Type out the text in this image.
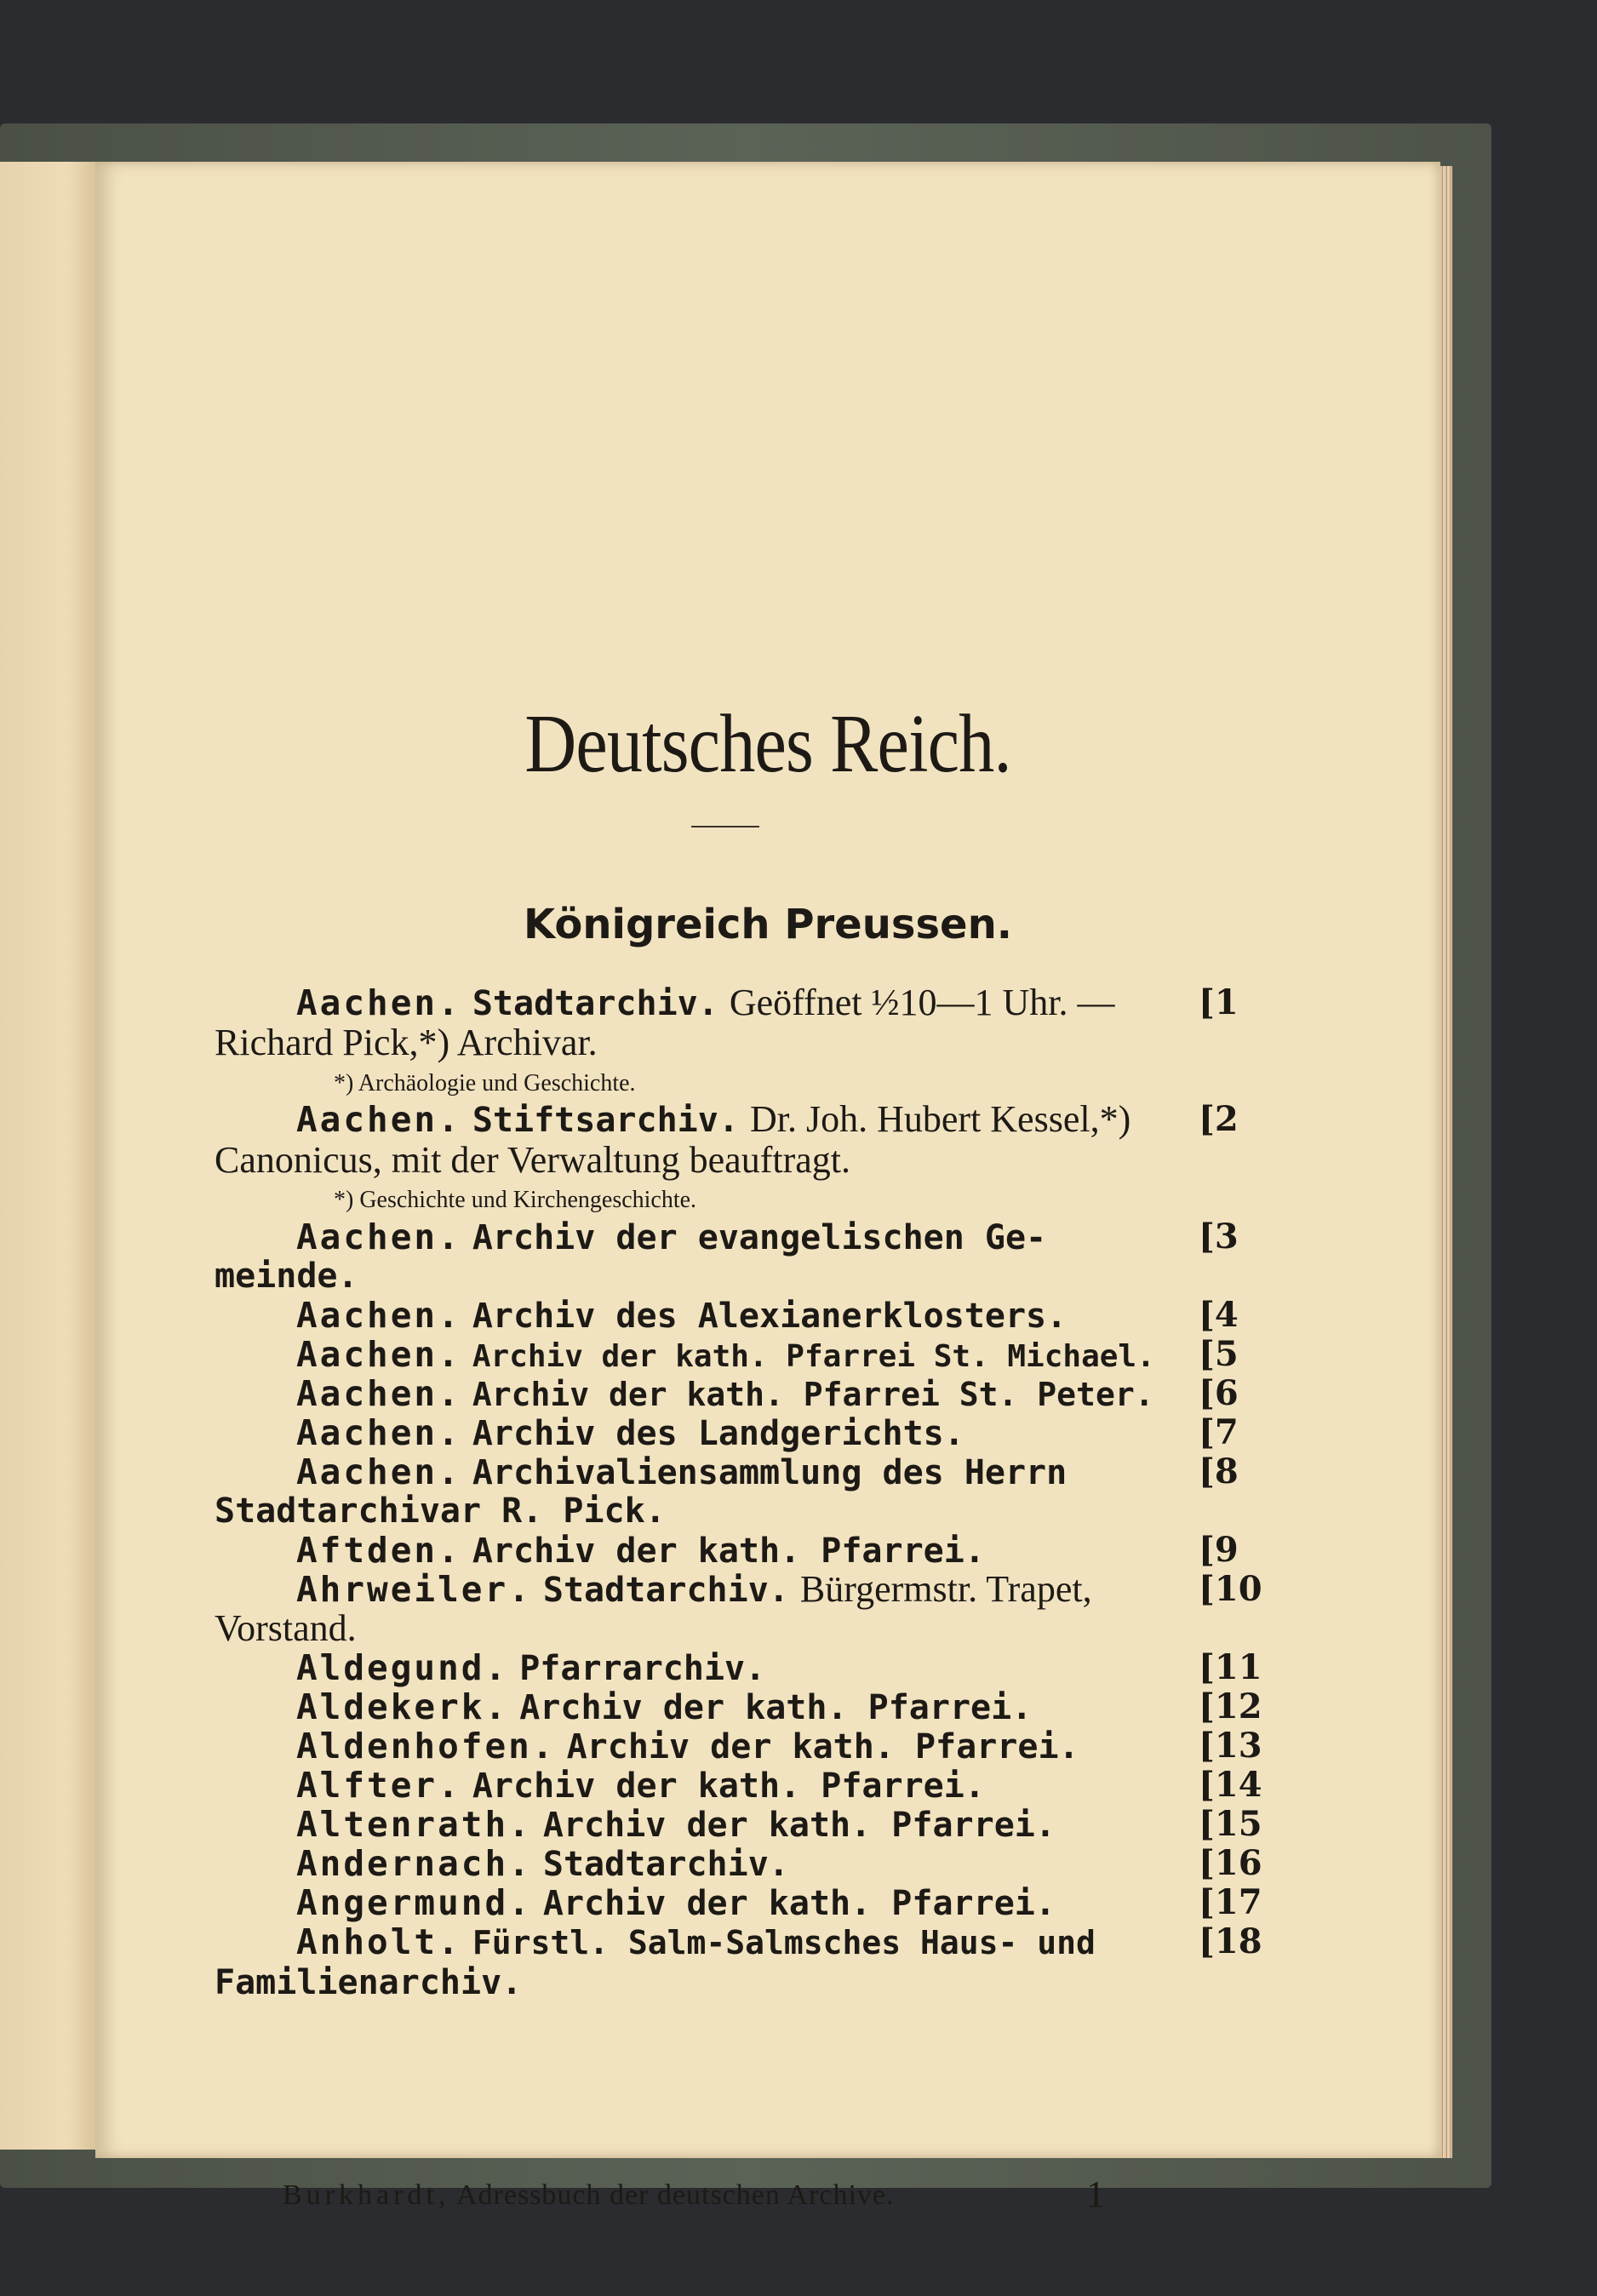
Deutsches Reich.
Königreich Preussen.
Aachen. Stadtarchiv. Geöffnet ½10—1 Uhr. —	[1
Richard Pick,*) Archivar.
*) Archäologie und Geschichte.
Aachen. Stiftsarchiv. Dr. Joh. Hubert Kessel,*)	[2
Canonicus, mit der Verwaltung beauftragt.
*) Geschichte und Kirchengeschichte.
Aachen. Archiv der evangelischen Ge-	[3
meinde.
Aachen. Archiv des Alexianerklosters.	[4
Aachen. Archiv der kath. Pfarrei St. Michael.	[5
Aachen. Archiv der kath. Pfarrei St. Peter.	[6
Aachen. Archiv des Landgerichts.	[7
Aachen. Archivaliensammlung des Herrn	[8
Stadtarchivar R. Pick.
Aftden. Archiv der kath. Pfarrei.	[9
Ahrweiler. Stadtarchiv. Bürgermstr. Trapet,	[10
Vorstand.
Aldegund. Pfarrarchiv.	[11
Aldekerk. Archiv der kath. Pfarrei.	[12
Aldenhofen. Archiv der kath. Pfarrei.	[13
Alfter. Archiv der kath. Pfarrei.	[14
Altenrath. Archiv der kath. Pfarrei.	[15
Andernach. Stadtarchiv.	[16
Angermund. Archiv der kath. Pfarrei.	[17
Anholt. Fürstl. Salm-Salmsches Haus- und	[18
Familienarchiv.
Burkhardt, Adressbuch der deutschen Archive.	1
